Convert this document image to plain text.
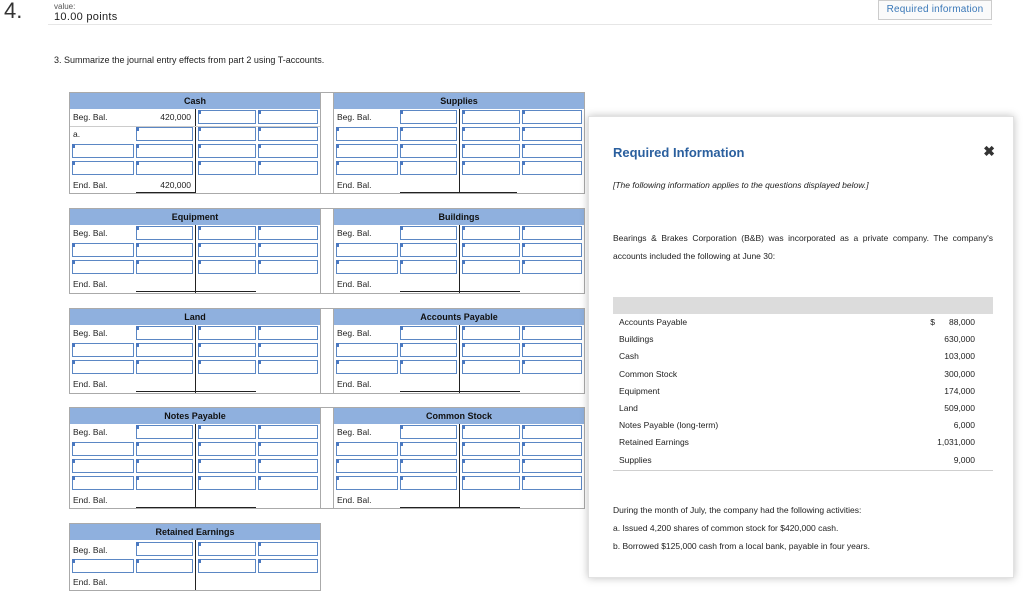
4.	value:
10.00 points
Required information
3. Summarize the journal entry effects from part 2 using T-accounts.
Cash
Beg. Bal.	420,000
a.
End. Bal.	420,000
Supplies
Beg. Bal.
End. Bal.
Equipment
Beg. Bal.
End. Bal.
Buildings
Beg. Bal.
End. Bal.
Land
Beg. Bal.
End. Bal.
Accounts Payable
Beg. Bal.
End. Bal.
Notes Payable
Beg. Bal.
End. Bal.
Common Stock
Beg. Bal.
End. Bal.
Retained Earnings
Beg. Bal.
End. Bal.
Required Information	✖
[The following information applies to the questions displayed below.]
Bearings & Brakes Corporation (B&B) was incorporated as a private company. The company's accounts included the following at June 30:
Accounts Payable	$ 88,000
Buildings	630,000
Cash	103,000
Common Stock	300,000
Equipment	174,000
Land	509,000
Notes Payable (long-term)	6,000
Retained Earnings	1,031,000
Supplies	9,000
During the month of July, the company had the following activities:
a. Issued 4,200 shares of common stock for $420,000 cash.
b. Borrowed $125,000 cash from a local bank, payable in four years.
